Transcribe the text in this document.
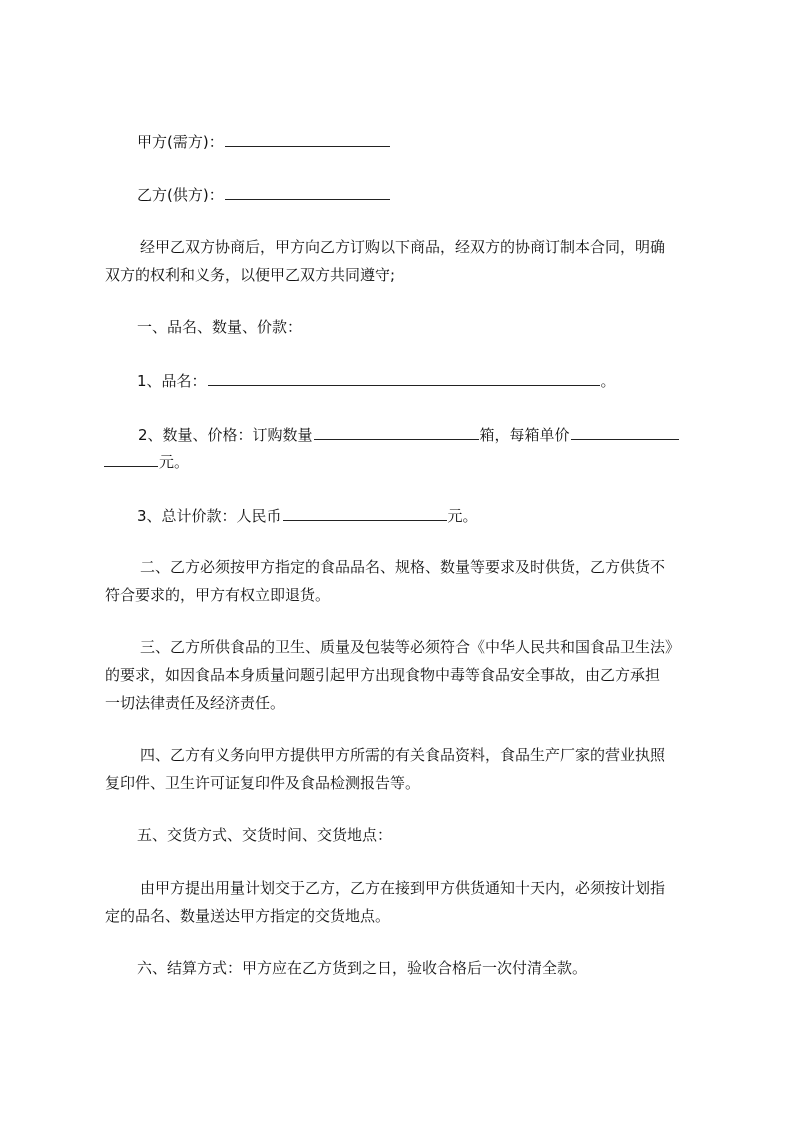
甲方(需方)：
乙方(供方)：
经甲乙双方协商后，甲方向乙方订购以下商品，经双方的协商订制本合同，明确
双方的权利和义务，以便甲乙双方共同遵守;
一、品名、数量、价款：
1、品名：	。
2、数量、价格：订购数量	箱，每箱单价
元。
3、总计价款：人民币	元。
二、乙方必须按甲方指定的食品品名、规格、数量等要求及时供货，乙方供货不
符合要求的，甲方有权立即退货。
三、乙方所供食品的卫生、质量及包装等必须符合《中华人民共和国食品卫生法》
的要求，如因食品本身质量问题引起甲方出现食物中毒等食品安全事故，由乙方承担
一切法律责任及经济责任。
四、乙方有义务向甲方提供甲方所需的有关食品资料，食品生产厂家的营业执照
复印件、卫生许可证复印件及食品检测报告等。
五、交货方式、交货时间、交货地点：
由甲方提出用量计划交于乙方，乙方在接到甲方供货通知十天内，必须按计划指
定的品名、数量送达甲方指定的交货地点。
六、结算方式：甲方应在乙方货到之日，验收合格后一次付清全款。
